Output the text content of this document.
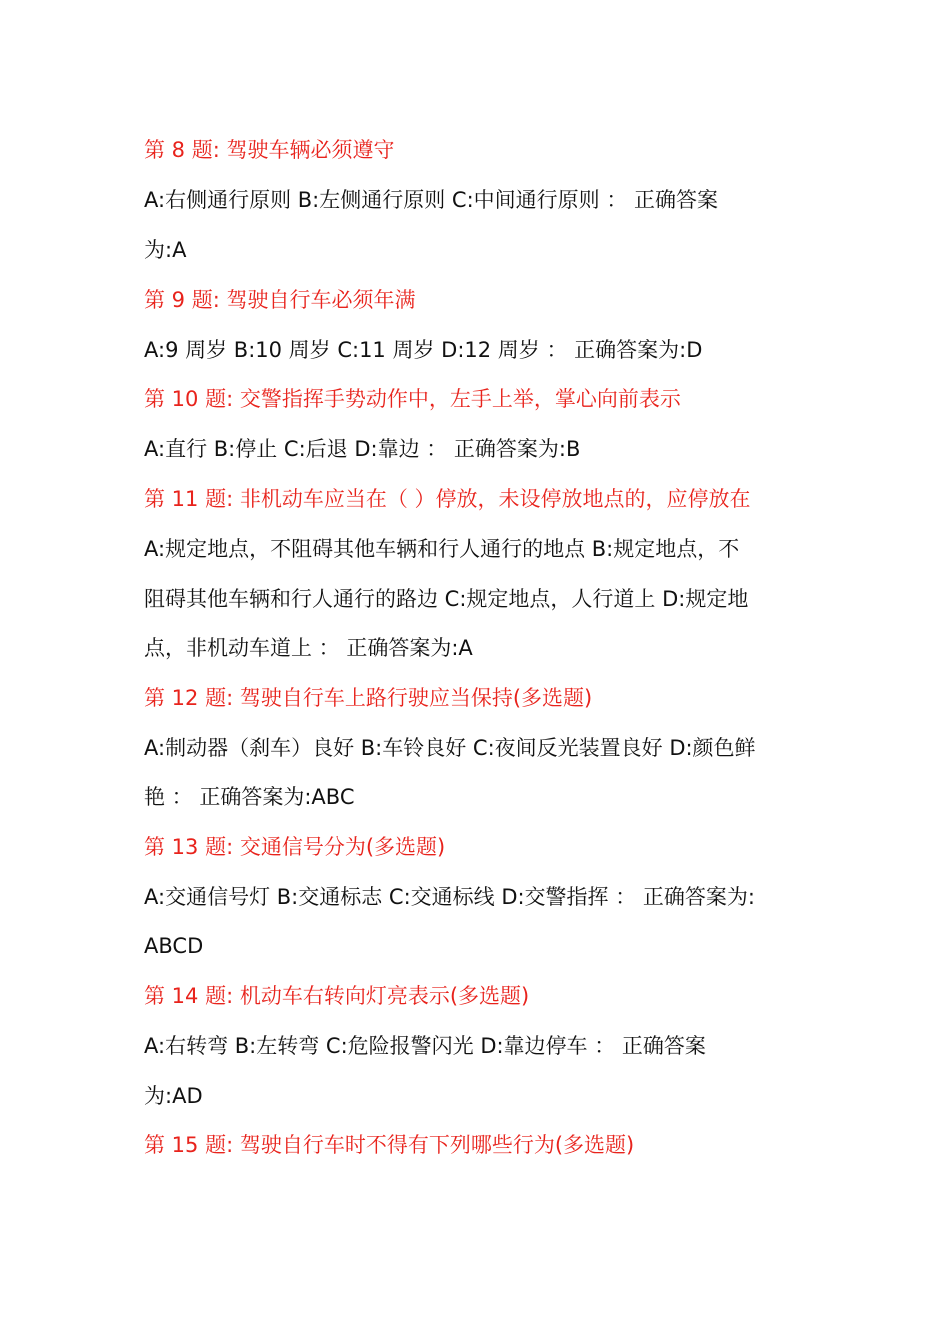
第 8 题: 驾驶车辆必须遵守
A:右侧通行原则 B:左侧通行原则 C:中间通行原则 ： 正确答案
为:A
第 9 题: 驾驶自行车必须年满
A:9 周岁 B:10 周岁 C:11 周岁 D:12 周岁 ： 正确答案为:D
第 10 题: 交警指挥手势动作中，左手上举，掌心向前表示
A:直行 B:停止 C:后退 D:靠边 ： 正确答案为:B
第 11 题: 非机动车应当在（ ）停放，未设停放地点的，应停放在
A:规定地点，不阻碍其他车辆和行人通行的地点 B:规定地点，不
阻碍其他车辆和行人通行的路边 C:规定地点，人行道上 D:规定地
点，非机动车道上 ： 正确答案为:A
第 12 题: 驾驶自行车上路行驶应当保持(多选题)
A:制动器（刹车）良好 B:车铃良好 C:夜间反光装置良好 D:颜色鲜
艳 ： 正确答案为:ABC
第 13 题: 交通信号分为(多选题)
A:交通信号灯 B:交通标志 C:交通标线 D:交警指挥 ： 正确答案为:
ABCD
第 14 题: 机动车右转向灯亮表示(多选题)
A:右转弯 B:左转弯 C:危险报警闪光 D:靠边停车 ： 正确答案
为:AD
第 15 题: 驾驶自行车时不得有下列哪些行为(多选题)
